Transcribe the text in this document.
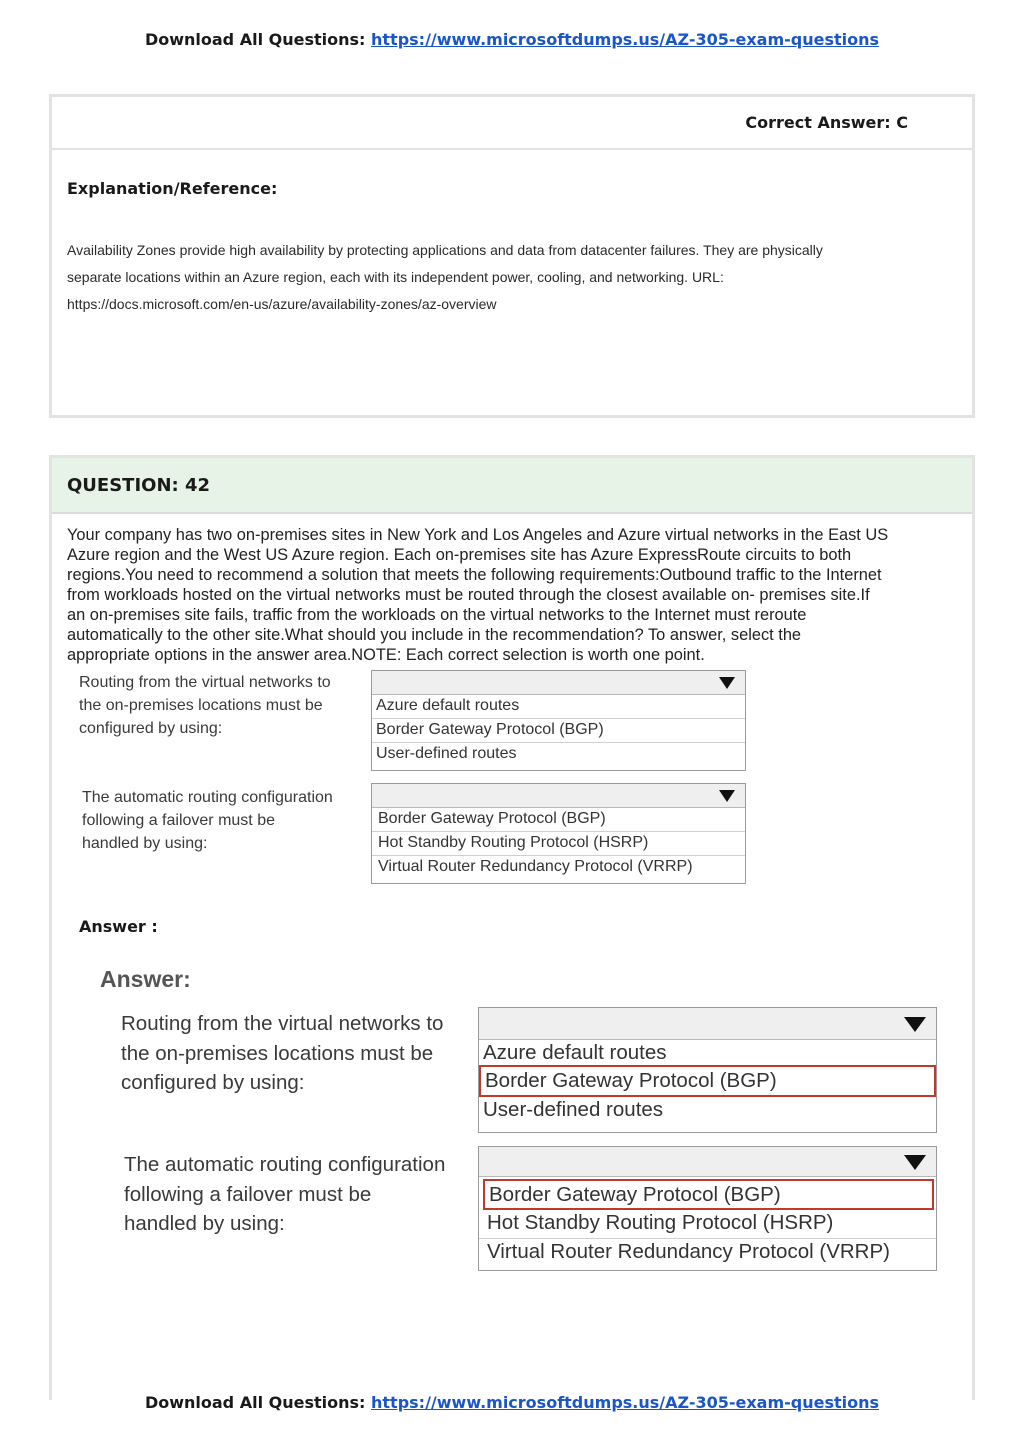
Download All Questions: https://www.microsoftdumps.us/AZ-305-exam-questions
Correct Answer: C
Explanation/Reference:
Availability Zones provide high availability by protecting applications and data from datacenter failures. They are physically
separate locations within an Azure region, each with its independent power, cooling, and networking. URL:
https://docs.microsoft.com/en-us/azure/availability-zones/az-overview
QUESTION: 42
Your company has two on-premises sites in New York and Los Angeles and Azure virtual networks in the East US
Azure region and the West US Azure region. Each on-premises site has Azure ExpressRoute circuits to both
regions.You need to recommend a solution that meets the following requirements:Outbound traffic to the Internet
from workloads hosted on the virtual networks must be routed through the closest available on- premises site.If
an on-premises site fails, traffic from the workloads on the virtual networks to the Internet must reroute
automatically to the other site.What should you include in the recommendation? To answer, select the
appropriate options in the answer area.NOTE: Each correct selection is worth one point.
Routing from the virtual networks to
the on-premises locations must be
configured by using:
Azure default routes
Border Gateway Protocol (BGP)
User-defined routes
The automatic routing configuration
following a failover must be
handled by using:
Border Gateway Protocol (BGP)
Hot Standby Routing Protocol (HSRP)
Virtual Router Redundancy Protocol (VRRP)
Answer :
Answer:
Routing from the virtual networks to
the on-premises locations must be
configured by using:
Azure default routes
Border Gateway Protocol (BGP)
User-defined routes
The automatic routing configuration
following a failover must be
handled by using:
Border Gateway Protocol (BGP)
Hot Standby Routing Protocol (HSRP)
Virtual Router Redundancy Protocol (VRRP)
Download All Questions: https://www.microsoftdumps.us/AZ-305-exam-questions
